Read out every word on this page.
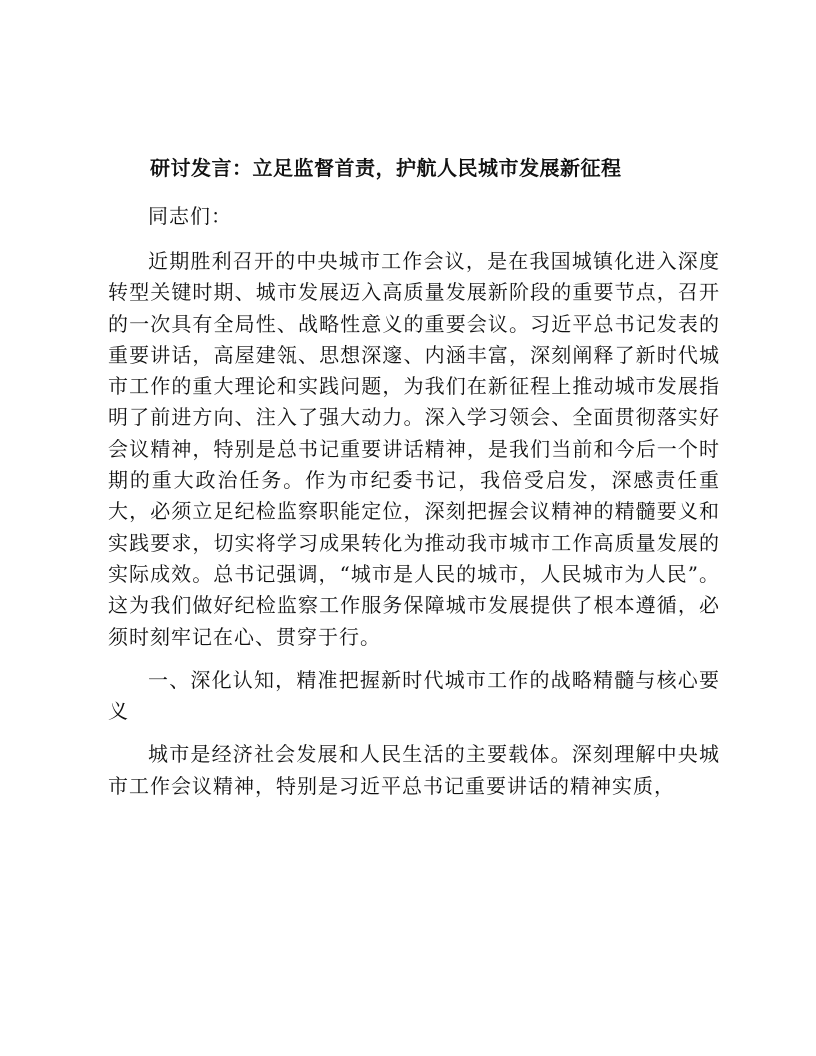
研讨发言：立足监督首责，护航人民城市发展新征程
同志们：
近期胜利召开的中央城市工作会议，是在我国城镇化进入深度转型关键时期、城市发展迈入高质量发展新阶段的重要节点，召开的一次具有全局性、战略性意义的重要会议。习近平总书记发表的重要讲话，高屋建瓴、思想深邃、内涵丰富，深刻阐释了新时代城市工作的重大理论和实践问题，为我们在新征程上推动城市发展指明了前进方向、注入了强大动力。深入学习领会、全面贯彻落实好会议精神，特别是总书记重要讲话精神，是我们当前和今后一个时期的重大政治任务。作为市纪委书记，我倍受启发，深感责任重大，必须立足纪检监察职能定位，深刻把握会议精神的精髓要义和实践要求，切实将学习成果转化为推动我市城市工作高质量发展的实际成效。总书记强调，“城市是人民的城市，人民城市为人民”。这为我们做好纪检监察工作服务保障城市发展提供了根本遵循，必须时刻牢记在心、贯穿于行。
一、深化认知，精准把握新时代城市工作的战略精髓与核心要义
城市是经济社会发展和人民生活的主要载体。深刻理解中央城市工作会议精神，特别是习近平总书记重要讲话的精神实质，
